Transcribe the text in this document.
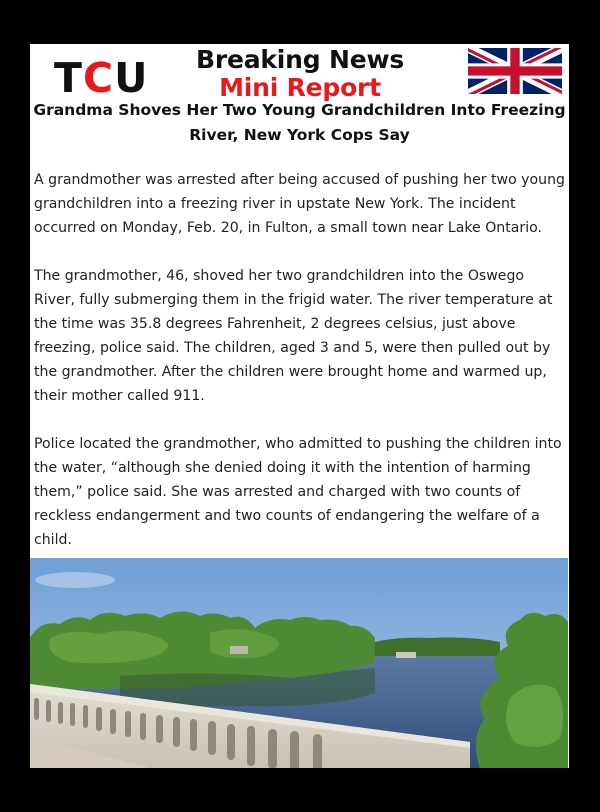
TCU	Breaking News
Mini Report
Grandma Shoves Her Two Young Grandchildren Into Freezing
River, New York Cops Say

A grandmother was arrested after being accused of pushing her two young grandchildren into a freezing river in upstate New York. The incident occurred on Monday, Feb. 20, in Fulton, a small town near Lake Ontario.

The grandmother, 46, shoved her two grandchildren into the Oswego River, fully submerging them in the frigid water. The river temperature at the time was 35.8 degrees Fahrenheit, 2 degrees celsius, just above freezing, police said. The children, aged 3 and 5, were then pulled out by the grandmother. After the children were brought home and warmed up, their mother called 911.

Police located the grandmother, who admitted to pushing the children into the water, “although she denied doing it with the intention of harming them,” police said. She was arrested and charged with two counts of reckless endangerment and two counts of endangering the welfare of a child.
